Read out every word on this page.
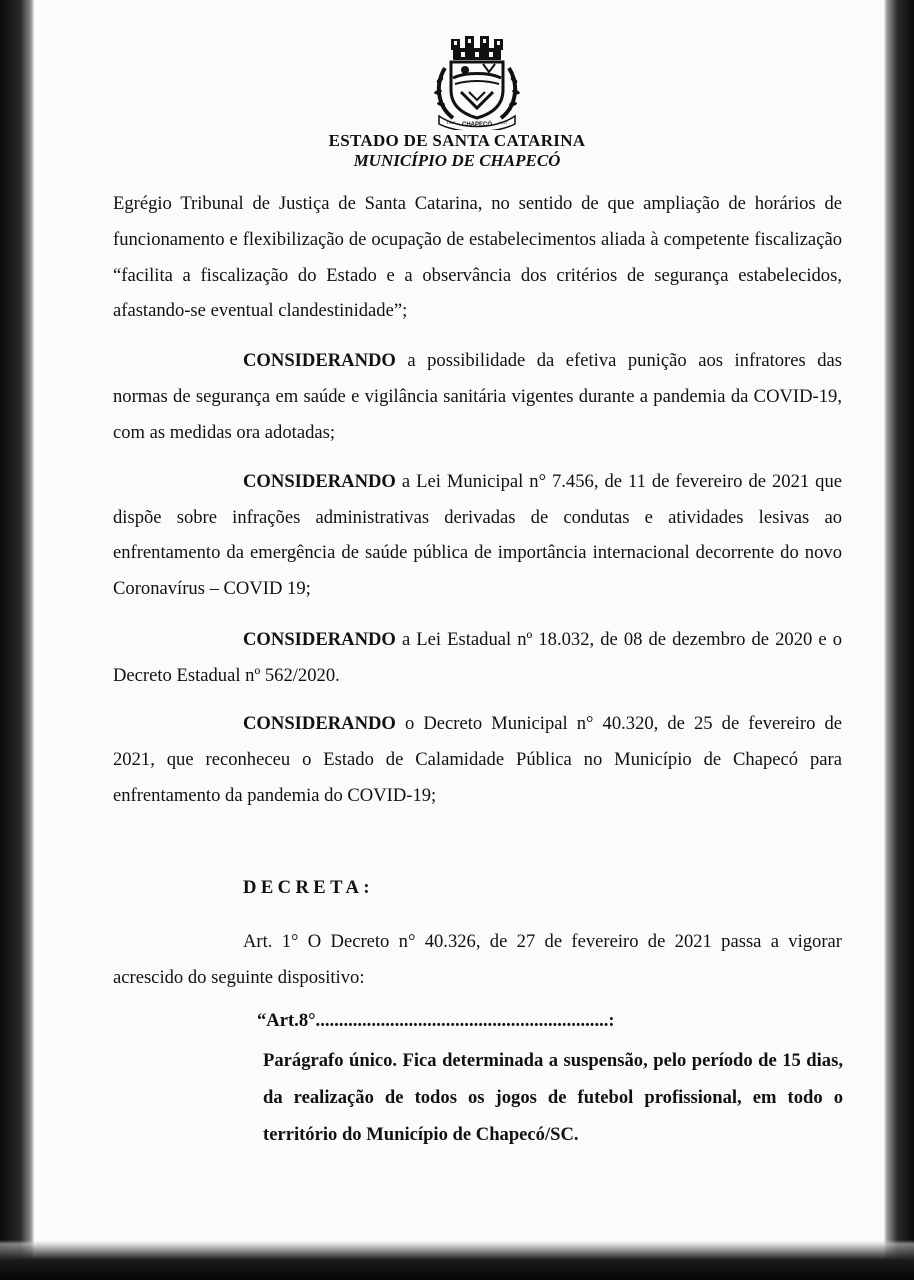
CHAPECÓ
1917	1917
ESTADO DE SANTA CATARINA
MUNICÍPIO DE CHAPECÓ

Egrégio Tribunal de Justiça de Santa Catarina, no sentido de que ampliação de horários de funcionamento e flexibilização de ocupação de estabelecimentos aliada à competente fiscalização “facilita a fiscalização do Estado e a observância dos critérios de segurança estabelecidos, afastando-se eventual clandestinidade”;

CONSIDERANDO a possibilidade da efetiva punição aos infratores das normas de segurança em saúde e vigilância sanitária vigentes durante a pandemia da COVID-19, com as medidas ora adotadas;

CONSIDERANDO a Lei Municipal n° 7.456, de 11 de fevereiro de 2021 que dispõe sobre infrações administrativas derivadas de condutas e atividades lesivas ao enfrentamento da emergência de saúde pública de importância internacional decorrente do novo Coronavírus – COVID 19;

CONSIDERANDO a Lei Estadual nº 18.032, de 08 de dezembro de 2020 e o Decreto Estadual nº 562/2020.

CONSIDERANDO o Decreto Municipal n° 40.320, de 25 de fevereiro de 2021, que reconheceu o Estado de Calamidade Pública no Município de Chapecó para enfrentamento da pandemia do COVID-19;

DECRETA:

Art. 1° O Decreto n° 40.326, de 27 de fevereiro de 2021 passa a vigorar acrescido do seguinte dispositivo:

“Art.8°...............................................................:
Parágrafo único. Fica determinada a suspensão, pelo período de 15 dias, da realização de todos os jogos de futebol profissional, em todo o território do Município de Chapecó/SC.
